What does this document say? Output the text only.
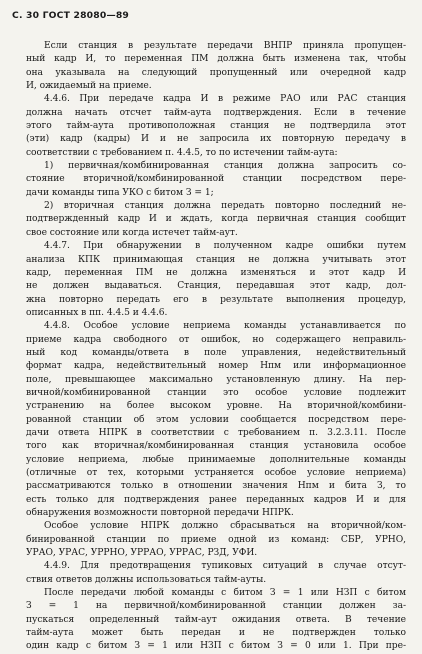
С. 30 ГОСТ 28080—89
Если станция в результате передачи ВНПР приняла пропущен-
ный кадр И, то переменная ПМ должна быть изменена так, чтобы
она указывала на следующий пропущенный или очередной кадр
И, ожидаемый на приеме.
4.4.6. При передаче кадра И в режиме РАО или РАС станция
должна начать отсчет тайм-аута подтверждения. Если в течение
этого тайм-аута противоположная станция не подтвердила этот
(эти) кадр (кадры) И и не запросила их повторную передачу в
соответствии с требованием п. 4.4.5, то по истечении тайм-аута:
1) первичная/комбинированная станция должна запросить со-
стояние вторичной/комбинированной станции посредством пере-
дачи команды типа УКО с битом З = 1;
2) вторичная станция должна передать повторно последний не-
подтвержденный кадр И и ждать, когда первичная станция сообщит
свое состояние или когда истечет тайм-аут.
4.4.7. При обнаружении в полученном кадре ошибки путем
анализа КПК принимающая станция не должна учитывать этот
кадр, переменная ПМ не должна изменяться и этот кадр И
не должен выдаваться. Станция, передавшая этот кадр, дол-
жна повторно передать его в результате выполнения процедур,
описанных в пп. 4.4.5 и 4.4.6.
4.4.8. Особое условие неприема команды устанавливается по
приеме кадра свободного от ошибок, но содержащего неправиль-
ный код команды/ответа в поле управления, недействительный
формат кадра, недействительный номер Нпм или информационное
поле, превышающее максимально установленную длину. На пер-
вичной/комбинированной станции это особое условие подлежит
устранению на более высоком уровне. На вторичной/комбини-
рованной станции об этом условии сообщается посредством пере-
дачи ответа НПРК в соответствии с требованием п. 3.2.3.11. После
того как вторичная/комбинированная станция установила особое
условие неприема, любые принимаемые дополнительные команды
(отличные от тех, которыми устраняется особое условие неприема)
рассматриваются только в отношении значения Нпм и бита З, то
есть только для подтверждения ранее переданных кадров И и для
обнаружения возможности повторной передачи НПРК.
Особое условие НПРК должно сбрасываться на вторичной/ком-
бинированной станции по приеме одной из команд: СБР, УРНО,
УРАО, УРАС, УРРНО, УРРАО, УРРАС, РЗД, УФИ.
4.4.9. Для предотвращения тупиковых ситуаций в случае отсут-
ствия ответов должны использоваться тайм-ауты.
После передачи любой команды с битом З = 1 или НЗП с битом
З = 1 на первичной/комбинированной станции должен за-
пускаться определенный тайм-аут ожидания ответа. В течение
тайм-аута может быть передан и не подтвержден только
один кадр с битом З = 1 или НЗП с битом З = 0 или 1. При пре-
